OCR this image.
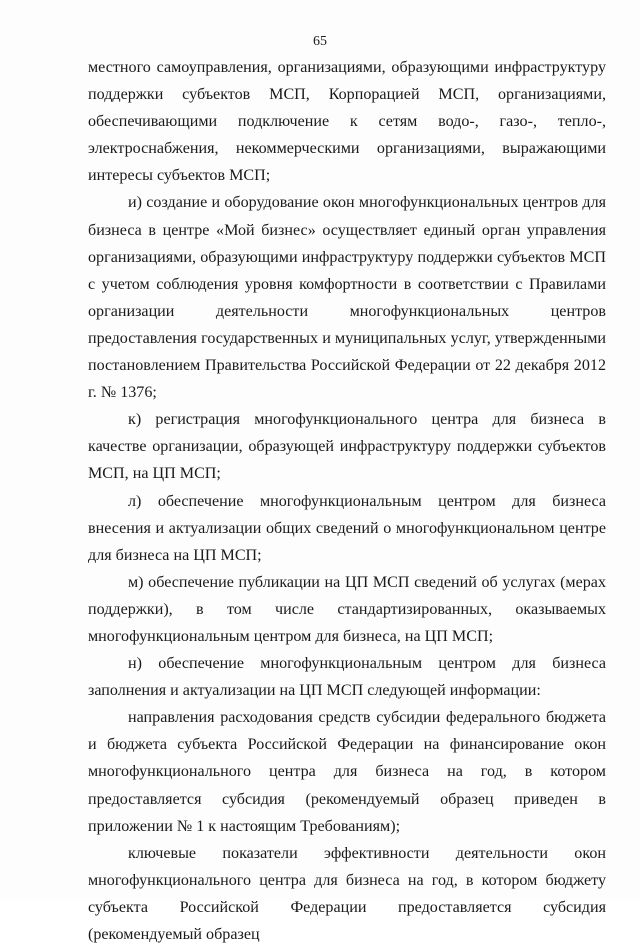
65

местного самоуправления, организациями, образующими инфраструктуру поддержки субъектов МСП, Корпорацией МСП, организациями, обеспечивающими подключение к сетям водо-, газо-, тепло-, электроснабжения, некоммерческими организациями, выражающими интересы субъектов МСП;

и) создание и оборудование окон многофункциональных центров для бизнеса в центре «Мой бизнес» осуществляет единый орган управления организациями, образующими инфраструктуру поддержки субъектов МСП с учетом соблюдения уровня комфортности в соответствии с Правилами организации деятельности многофункциональных центров предоставления государственных и муниципальных услуг, утвержденными постановлением Правительства Российской Федерации от 22 декабря 2012 г. № 1376;

к) регистрация многофункционального центра для бизнеса в качестве организации, образующей инфраструктуру поддержки субъектов МСП, на ЦП МСП;

л) обеспечение многофункциональным центром для бизнеса внесения и актуализации общих сведений о многофункциональном центре для бизнеса на ЦП МСП;

м) обеспечение публикации на ЦП МСП сведений об услугах (мерах поддержки), в том числе стандартизированных, оказываемых многофункциональным центром для бизнеса, на ЦП МСП;

н) обеспечение многофункциональным центром для бизнеса заполнения и актуализации на ЦП МСП следующей информации:

направления расходования средств субсидии федерального бюджета и бюджета субъекта Российской Федерации на финансирование окон многофункционального центра для бизнеса на год, в котором предоставляется субсидия (рекомендуемый образец приведен в приложении № 1 к настоящим Требованиям);

ключевые показатели эффективности деятельности окон многофункционального центра для бизнеса на год, в котором бюджету субъекта Российской Федерации предоставляется субсидия (рекомендуемый образец
